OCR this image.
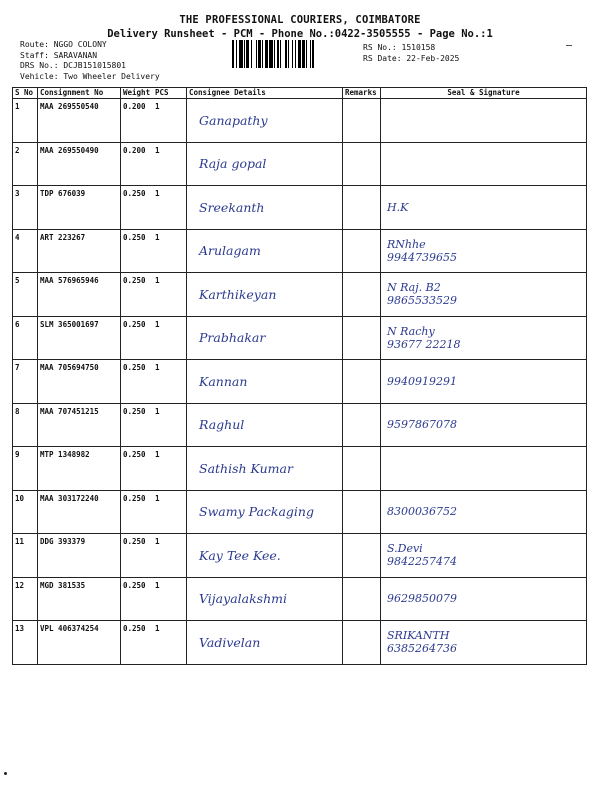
THE PROFESSIONAL COURIERS, COIMBATORE
Delivery Runsheet - PCM - Phone No.:0422-3505555 - Page No.:1
Route: NGGO COLONY
Staff: SARAVANAN
DRS No.: DCJB151015801
Vehicle: Two Wheeler Delivery
RS No.: 1510158
RS Date: 22-Feb-2025
S No	Consignment No	Weight PCS	Consignee Details	Remarks	Seal & Signature
1	MAA 269550540	0.200 1	Ganapathy		

2	MAA 269550490	0.200 1	Raja gopal		

3	TDP 676039	0.250 1	Sreekanth		H.K

4	ART 223267	0.250 1	Arulagam		RNhhe
9944739655

5	MAA 576965946	0.250 1	Karthikeyan		N Raj. B2
9865533529

6	SLM 365001697	0.250 1	Prabhakar		N Rachy
93677 22218

7	MAA 705694750	0.250 1	Kannan		9940919291

8	MAA 707451215	0.250 1	Raghul		9597867078

9	MTP 1348982	0.250 1	Sathish Kumar		

10	MAA 303172240	0.250 1	Swamy Packaging		8300036752

11	DDG 393379	0.250 1	Kay Tee Kee.		S.Devi
9842257474

12	MGD 381535	0.250 1	Vijayalakshmi		9629850079

13	VPL 406374254	0.250 1	Vadivelan		SRIKANTH
6385264736
